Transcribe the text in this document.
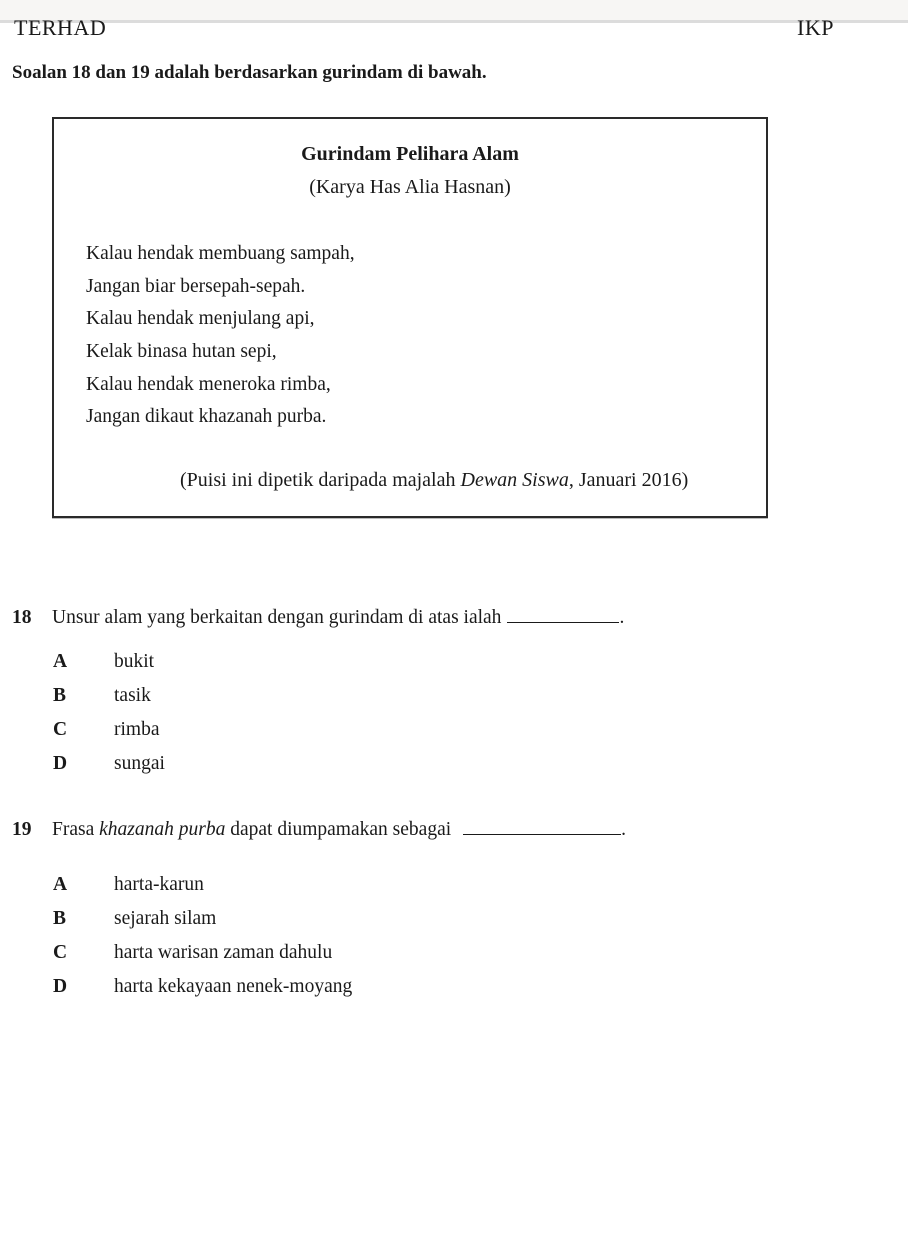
TERHAD	IKP
Soalan 18 dan 19 adalah berdasarkan gurindam di bawah.
Gurindam Pelihara Alam
(Karya Has Alia Hasnan)
Kalau hendak membuang sampah,
Jangan biar bersepah-sepah.
Kalau hendak menjulang api,
Kelak binasa hutan sepi,
Kalau hendak meneroka rimba,
Jangan dikaut khazanah purba.
(Puisi ini dipetik daripada majalah Dewan Siswa, Januari 2016)
18 Unsur alam yang berkaitan dengan gurindam di atas ialah	.
A bukit
B tasik
C rimba
D sungai
19 Frasa khazanah purba dapat diumpamakan sebagai	.
A harta-karun
B sejarah silam
C harta warisan zaman dahulu
D harta kekayaan nenek-moyang
